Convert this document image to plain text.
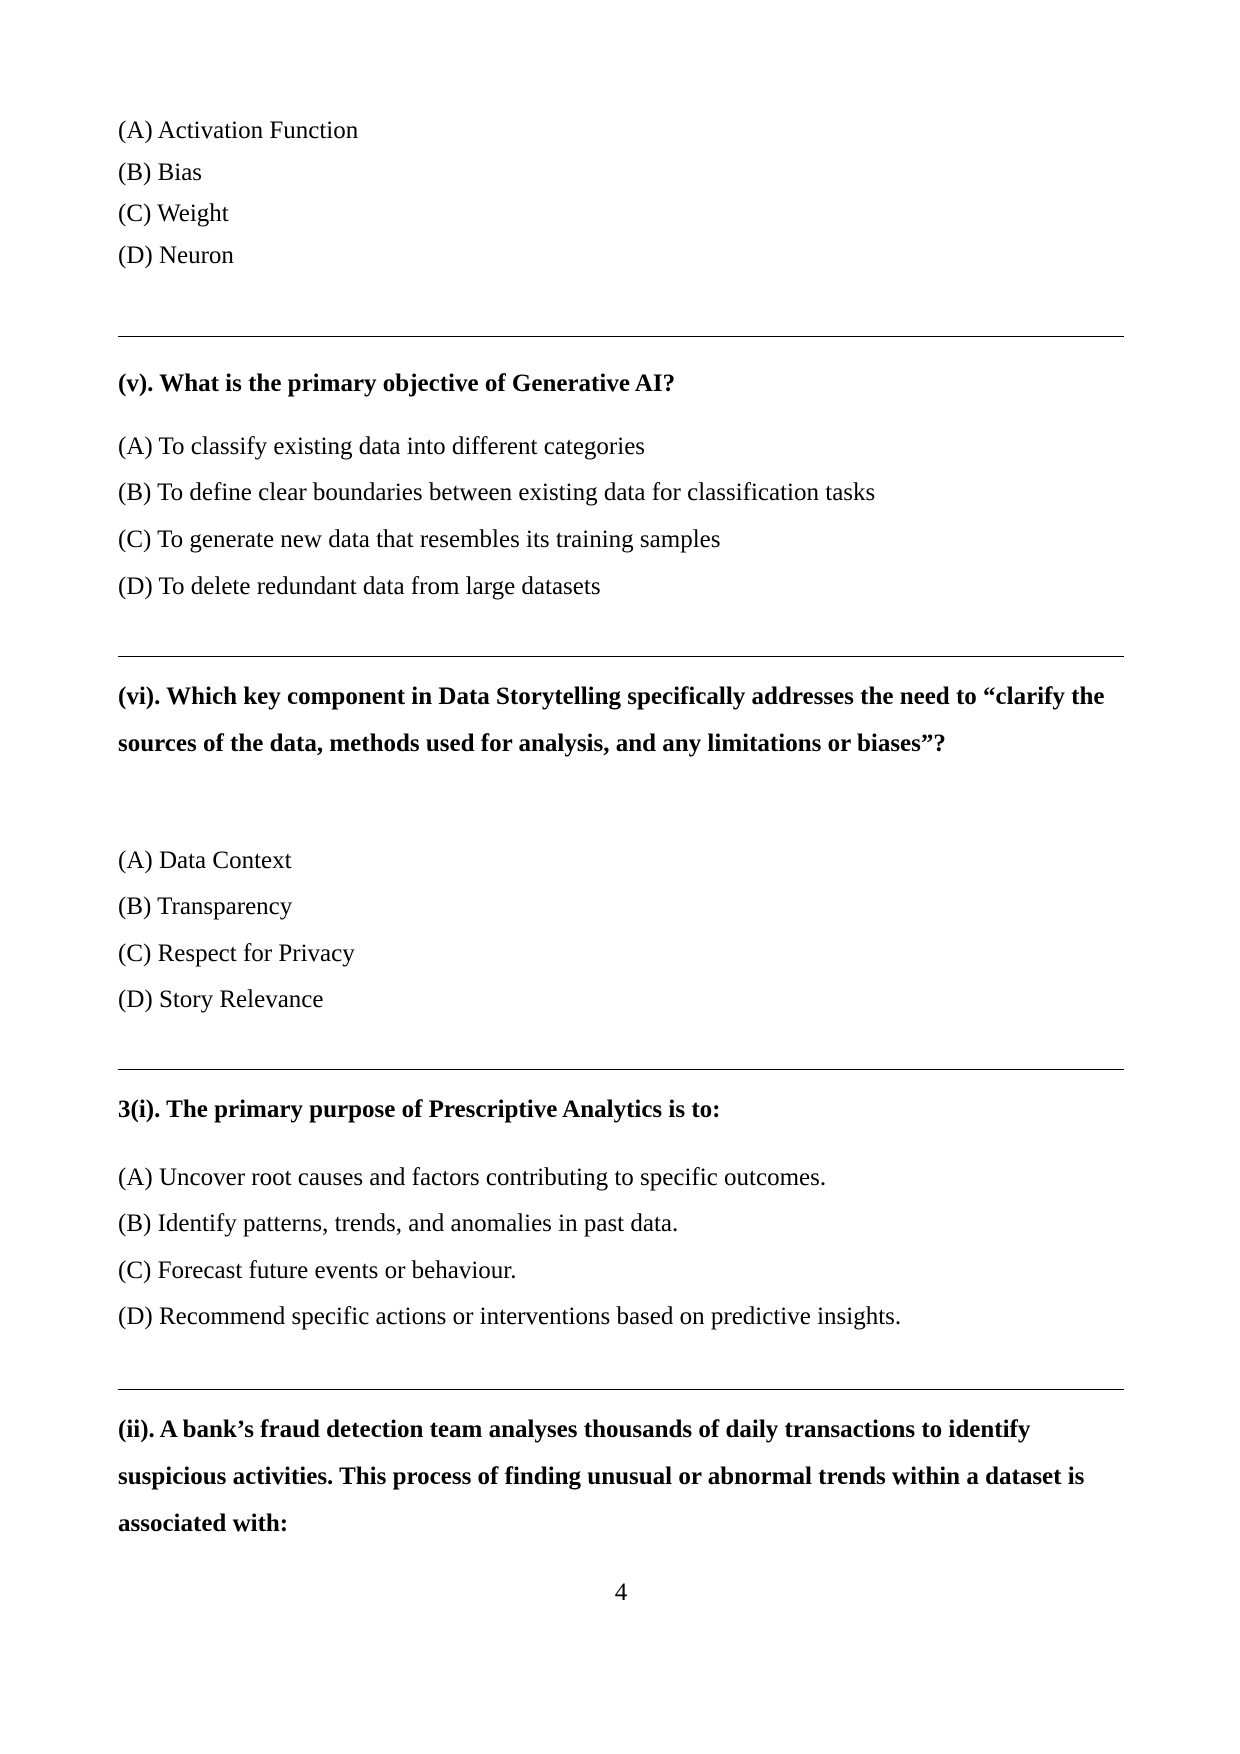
(A) Activation Function
(B) Bias
(C) Weight
(D) Neuron
(v). What is the primary objective of Generative AI?
(A) To classify existing data into different categories
(B) To define clear boundaries between existing data for classification tasks
(C) To generate new data that resembles its training samples
(D) To delete redundant data from large datasets
(vi). Which key component in Data Storytelling specifically addresses the need to “clarify the sources of the data, methods used for analysis, and any limitations or biases”?
(A) Data Context
(B) Transparency
(C) Respect for Privacy
(D) Story Relevance
3(i). The primary purpose of Prescriptive Analytics is to:
(A) Uncover root causes and factors contributing to specific outcomes.
(B) Identify patterns, trends, and anomalies in past data.
(C) Forecast future events or behaviour.
(D) Recommend specific actions or interventions based on predictive insights.
(ii). A bank’s fraud detection team analyses thousands of daily transactions to identify suspicious activities. This process of finding unusual or abnormal trends within a dataset is associated with:
4
